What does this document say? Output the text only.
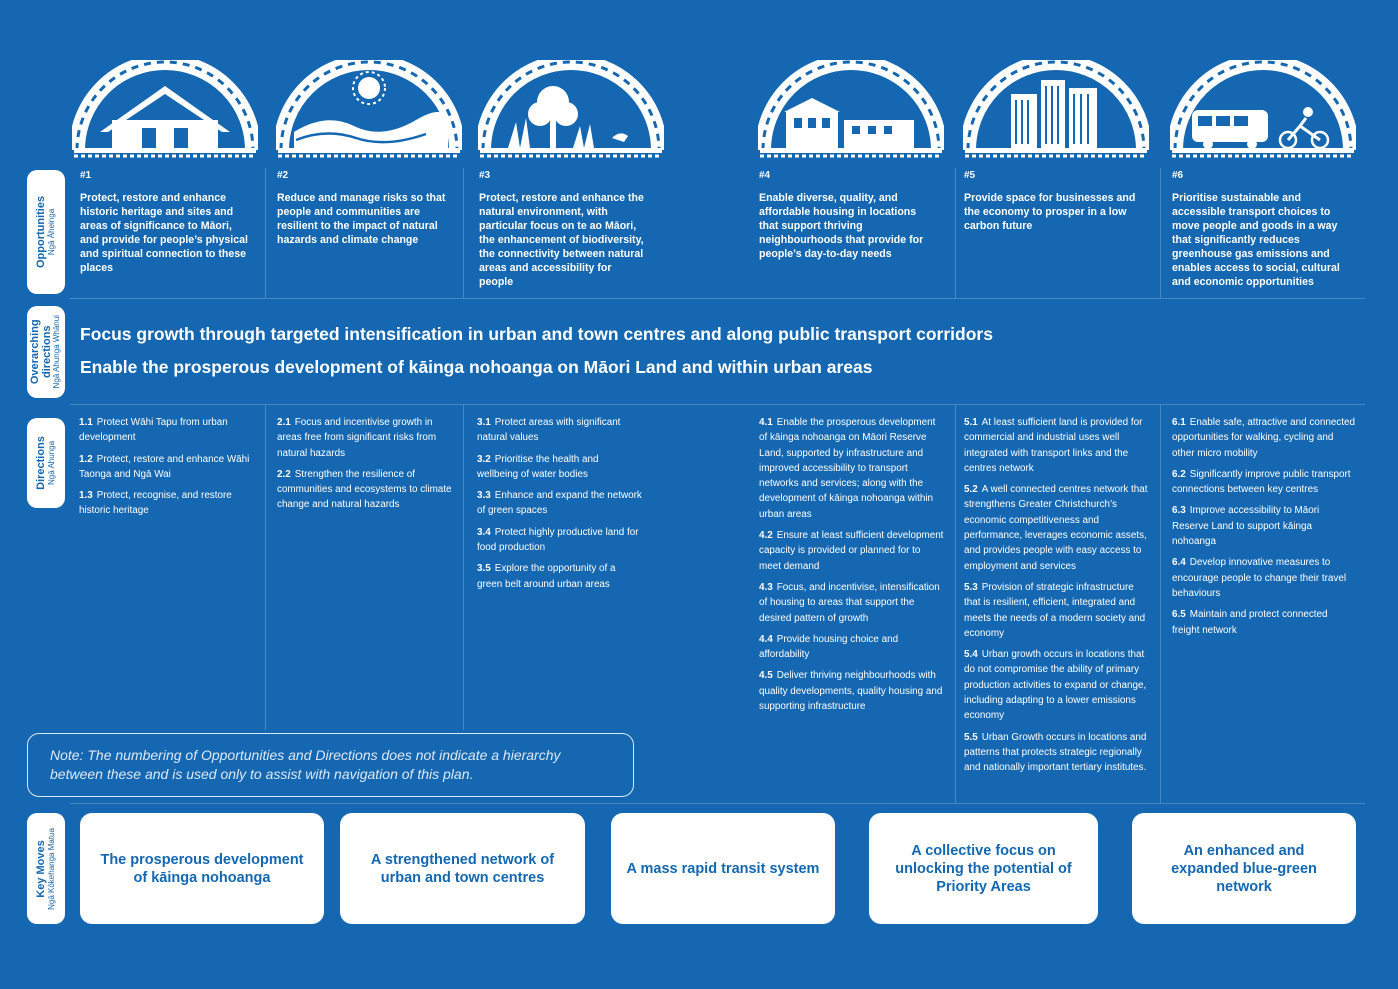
Opportunities Ngā Āheinga
Overarching directions Ngā Ahunga Whānui
Directions Ngā Ahunga
Key Moves Ngā Kōkehanga Matua
#1
Protect, restore and enhance historic heritage and sites and areas of significance to Māori, and provide for people’s physical and spiritual connection to these places
#2
Reduce and manage risks so that people and communities are resilient to the impact of natural hazards and climate change
#3
Protect, restore and enhance the natural environment, with particular focus on te ao Māori, the enhancement of biodiversity, the connectivity between natural areas and accessibility for people
#4
Enable diverse, quality, and affordable housing in locations that support thriving neighbourhoods that provide for people’s day-to-day needs
#5
Provide space for businesses and the economy to prosper in a low carbon future
#6
Prioritise sustainable and accessible transport choices to move people and goods in a way that significantly reduces greenhouse gas emissions and enables access to social, cultural and economic opportunities
Focus growth through targeted intensification in urban and town centres and along public transport corridors
Enable the prosperous development of kāinga nohoanga on Māori Land and within urban areas
1.1 Protect Wāhi Tapu from urban development
1.2 Protect, restore and enhance Wāhi Taonga and Ngā Wai
1.3 Protect, recognise, and restore historic heritage
2.1 Focus and incentivise growth in areas free from significant risks from natural hazards
2.2 Strengthen the resilience of communities and ecosystems to climate change and natural hazards
3.1 Protect areas with significant natural values
3.2 Prioritise the health and wellbeing of water bodies
3.3 Enhance and expand the network of green spaces
3.4 Protect highly productive land for food production
3.5 Explore the opportunity of a green belt around urban areas
4.1 Enable the prosperous development of kāinga nohoanga on Māori Reserve Land, supported by infrastructure and improved accessibility to transport networks and services; along with the development of kāinga nohoanga within urban areas
4.2 Ensure at least sufficient development capacity is provided or planned for to meet demand
4.3 Focus, and incentivise, intensification of housing to areas that support the desired pattern of growth
4.4 Provide housing choice and affordability
4.5 Deliver thriving neighbourhoods with quality developments, quality housing and supporting infrastructure
5.1 At least sufficient land is provided for commercial and industrial uses well integrated with transport links and the centres network
5.2 A well connected centres network that strengthens Greater Christchurch’s economic competitiveness and performance, leverages economic assets, and provides people with easy access to employment and services
5.3 Provision of strategic infrastructure that is resilient, efficient, integrated and meets the needs of a modern society and economy
5.4 Urban growth occurs in locations that do not compromise the ability of primary production activities to expand or change, including adapting to a lower emissions economy
5.5 Urban Growth occurs in locations and patterns that protects strategic regionally and nationally important tertiary institutes.
6.1 Enable safe, attractive and connected opportunities for walking, cycling and other micro mobility
6.2 Significantly improve public transport connections between key centres
6.3 Improve accessibility to Māori Reserve Land to support kāinga nohoanga
6.4 Develop innovative measures to encourage people to change their travel behaviours
6.5 Maintain and protect connected freight network
Note: The numbering of Opportunities and Directions does not indicate a hierarchy between these and is used only to assist with navigation of this plan.
The prosperous development of kāinga nohoanga
A strengthened network of urban and town centres
A mass rapid transit system
A collective focus on unlocking the potential of Priority Areas
An enhanced and expanded blue-green network
